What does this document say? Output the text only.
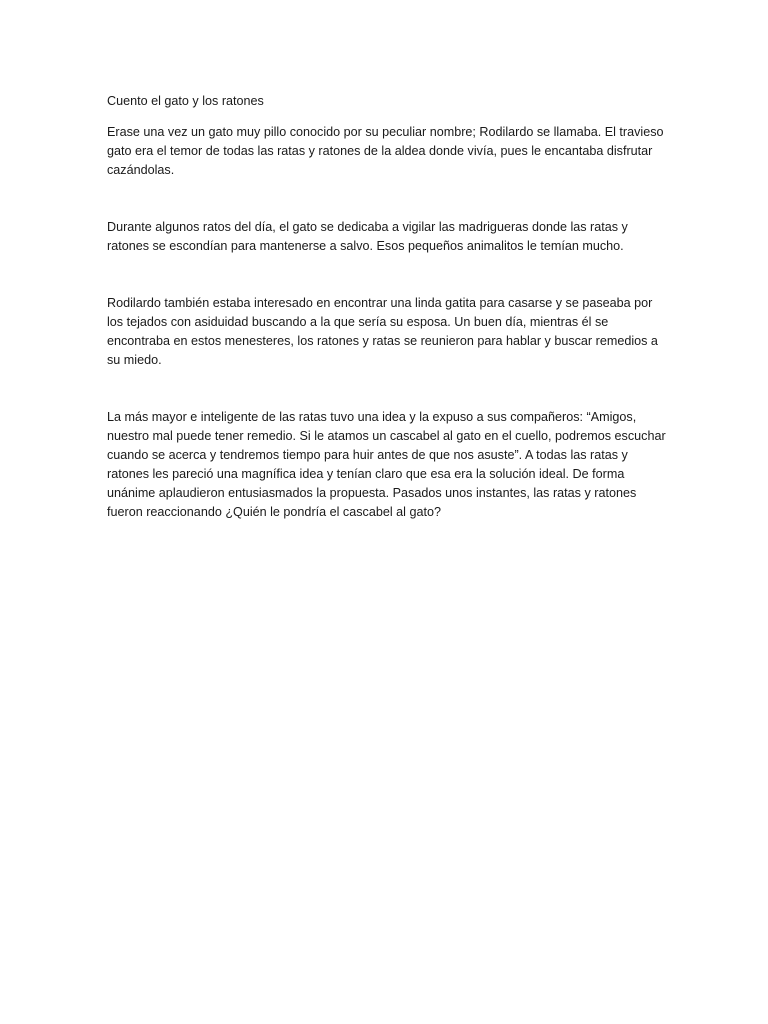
Cuento el gato y los ratones

Erase una vez un gato muy pillo conocido por su peculiar nombre; Rodilardo se llamaba. El travieso gato era el temor de todas las ratas y ratones de la aldea donde vivía, pues le encantaba disfrutar cazándolas.

Durante algunos ratos del día, el gato se dedicaba a vigilar las madrigueras donde las ratas y ratones se escondían para mantenerse a salvo. Esos pequeños animalitos le temían mucho.

Rodilardo también estaba interesado en encontrar una linda gatita para casarse y se paseaba por los tejados con asiduidad buscando a la que sería su esposa. Un buen día, mientras él se encontraba en estos menesteres, los ratones y ratas se reunieron para hablar y buscar remedios a su miedo.

La más mayor e inteligente de las ratas tuvo una idea y la expuso a sus compañeros: “Amigos, nuestro mal puede tener remedio. Si le atamos un cascabel al gato en el cuello, podremos escuchar cuando se acerca y tendremos tiempo para huir antes de que nos asuste”. A todas las ratas y ratones les pareció una magnífica idea y tenían claro que esa era la solución ideal. De forma unánime aplaudieron entusiasmados la propuesta. Pasados unos instantes, las ratas y ratones fueron reaccionando ¿Quién le pondría el cascabel al gato?
